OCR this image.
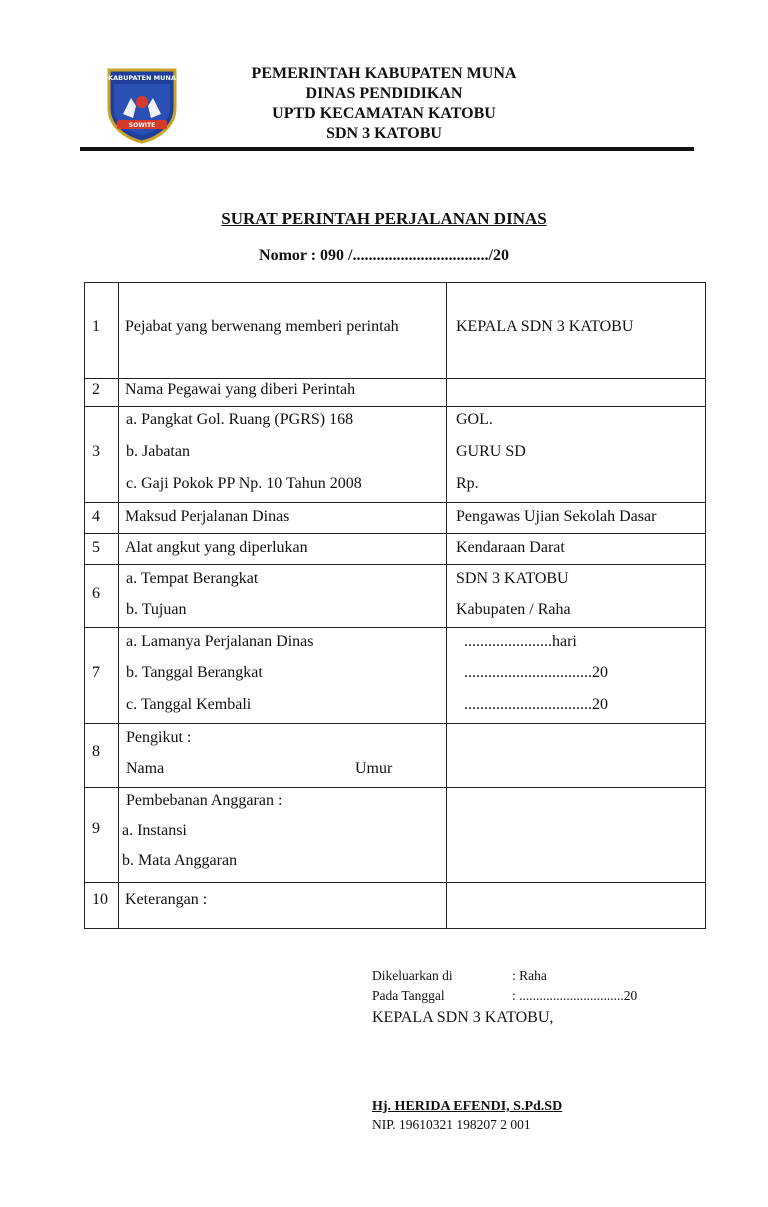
KABUPATEN MUNA
SOWITE
PEMERINTAH KABUPATEN MUNA
DINAS PENDIDIKAN
UPTD KECAMATAN KATOBU
SDN 3 KATOBU
SURAT PERINTAH PERJALANAN DINAS
Nomor : 090 /................................../20
1 Pejabat yang berwenang memberi perintah	KEPALA SDN 3 KATOBU
2 Nama Pegawai yang diberi Perintah
3
a. Pangkat Gol. Ruang (PGRS) 168	GOL.
b. Jabatan	GURU SD
c. Gaji Pokok PP Np. 10 Tahun 2008	Rp.
4 Maksud Perjalanan Dinas	Pengawas Ujian Sekolah Dasar
5 Alat angkut yang diperlukan	Kendaraan Darat
6
a. Tempat Berangkat	SDN 3 KATOBU
b. Tujuan	Kabupaten / Raha
7
a. Lamanya Perjalanan Dinas	......................hari
b. Tanggal Berangkat	................................20
c. Tanggal Kembali	................................20
8
Pengikut :
Nama	Umur
9
Pembebanan Anggaran :
a. Instansi
b. Mata Anggaran
10 Keterangan :
Dikeluarkan di	: Raha
Pada Tanggal	: ...............................20
KEPALA SDN 3 KATOBU,
Hj. HERIDA EFENDI, S.Pd.SD
NIP. 19610321 198207 2 001
